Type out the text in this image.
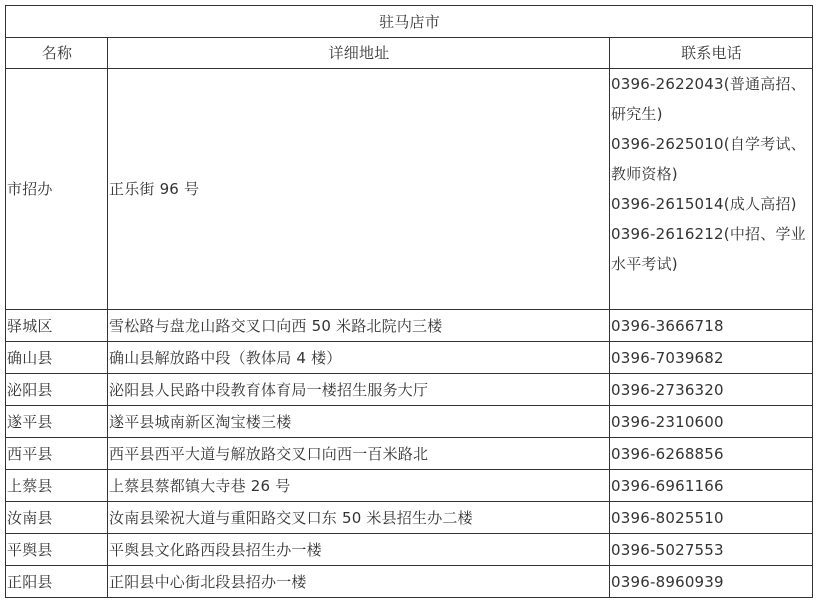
驻马店市		
名称	详细地址	联系电话
市招办	正乐街 96 号	0396-2622043(普通高招、研究生)
0396-2625010(自学考试、教师资格)
0396-2615014(成人高招)
0396-2616212(中招、学业水平考试)

驿城区	雪松路与盘龙山路交叉口向西 50 米路北院内三楼	0396-3666718
确山县	确山县解放路中段（教体局 4 楼）	0396-7039682
泌阳县	泌阳县人民路中段教育体育局一楼招生服务大厅	0396-2736320
遂平县	遂平县城南新区淘宝楼三楼	0396-2310600
西平县	西平县西平大道与解放路交叉口向西一百米路北	0396-6268856
上蔡县	上蔡县蔡都镇大寺巷 26 号	0396-6961166
汝南县	汝南县梁祝大道与重阳路交叉口东 50 米县招生办二楼	0396-8025510
平舆县	平舆县文化路西段县招生办一楼	0396-5027553
正阳县	正阳县中心街北段县招办一楼	0396-8960939
